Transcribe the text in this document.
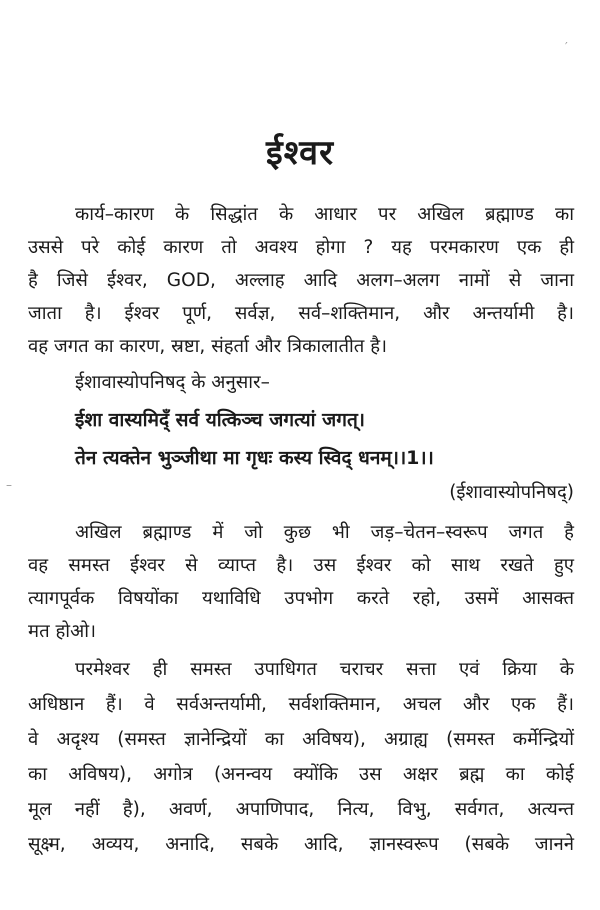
ईश्वर
कार्य–कारण के सिद्धांत के आधार पर अखिल ब्रह्माण्ड का
उससे परे कोई कारण तो अवश्य होगा ? यह परमकारण एक ही
है जिसे ईश्वर, GOD, अल्लाह आदि अलग–अलग नामों से जाना
जाता है। ईश्वर पूर्ण, सर्वज्ञ, सर्व–शक्तिमान, और अन्तर्यामी है।
वह जगत का कारण, स्रष्टा, संहर्ता और त्रिकालातीत है।
ईशावास्योपनिषद् के अनुसार–
ईशा वास्यमिद्ँ सर्व यत्किञ्च जगत्यां जगत्।
तेन त्यक्तेन भुञ्जीथा मा गृधः कस्य स्विद् धनम्।।1।।
(ईशावास्योपनिषद्)
अखिल ब्रह्माण्ड में जो कुछ भी जड़–चेतन–स्वरूप जगत है
वह समस्त ईश्वर से व्याप्त है। उस ईश्वर को साथ रखते हुए
त्यागपूर्वक विषयोंका यथाविधि उपभोग करते रहो, उसमें आसक्त
मत होओ।
परमेश्वर ही समस्त उपाधिगत चराचर सत्ता एवं क्रिया के
अधिष्ठान हैं। वे सर्वअन्तर्यामी, सर्वशक्तिमान, अचल और एक हैं।
वे अदृश्य (समस्त ज्ञानेन्द्रियों का अविषय), अग्राह्य (समस्त कर्मेन्द्रियों
का अविषय), अगोत्र (अनन्वय क्योंकि उस अक्षर ब्रह्म का कोई
मूल नहीं है), अवर्ण, अपाणिपाद, नित्य, विभु, सर्वगत, अत्यन्त
सूक्ष्म, अव्यय, अनादि, सबके आदि, ज्ञानस्वरूप (सबके जानने
–
′
